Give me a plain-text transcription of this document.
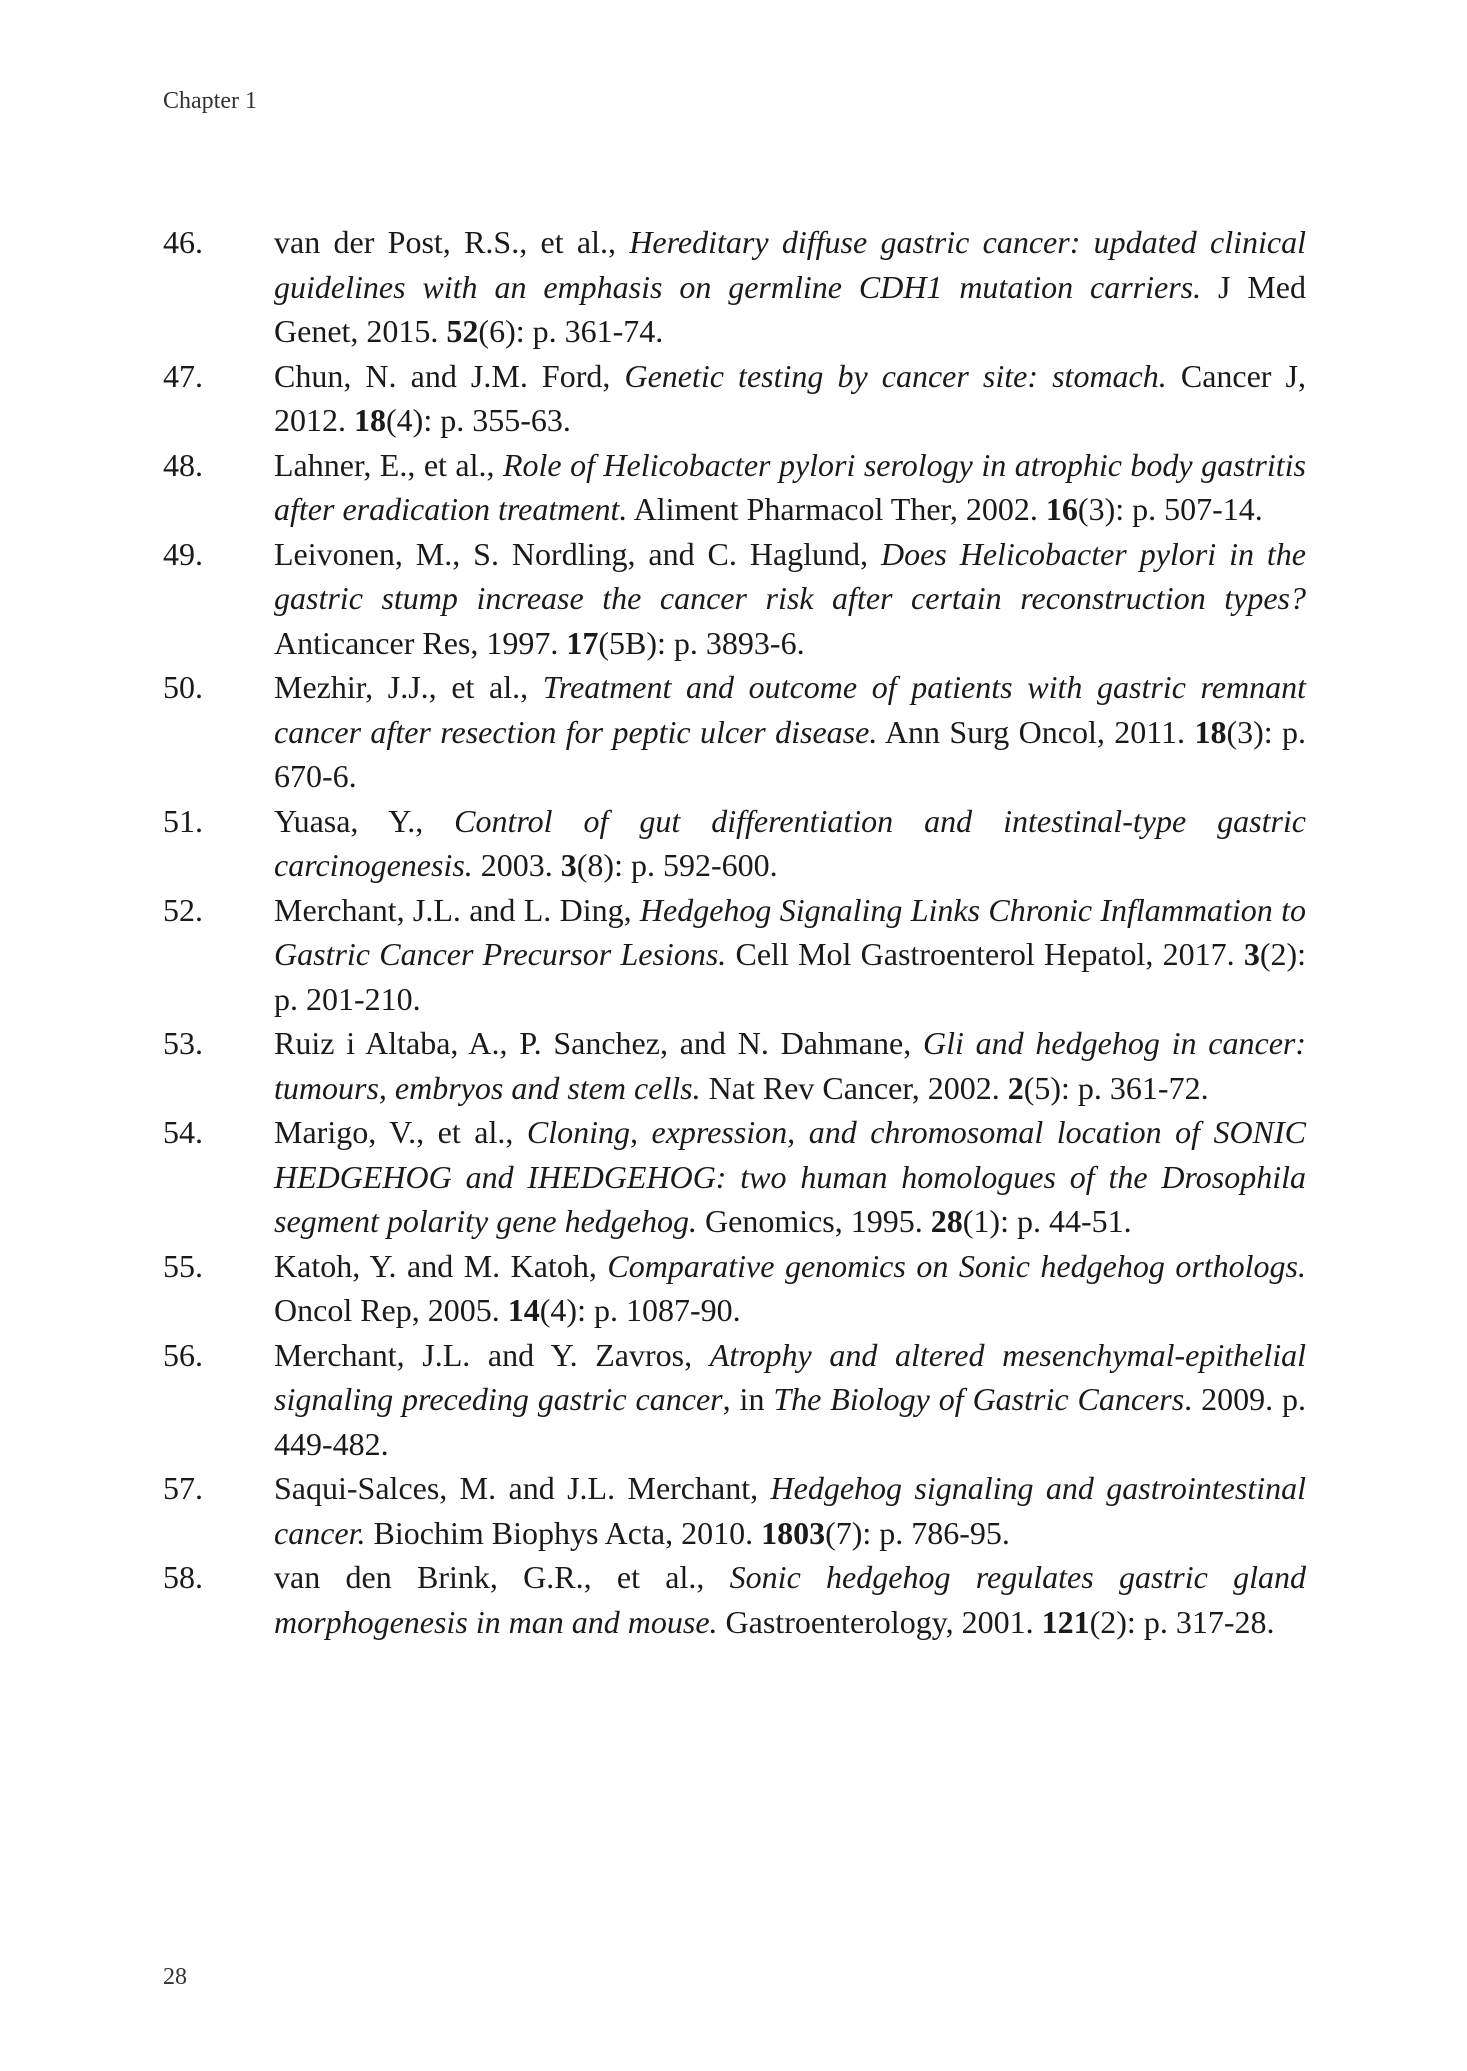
Chapter 1
46.	van der Post, R.S., et al., Hereditary diffuse gastric cancer: updated clinical guidelines with an emphasis on germline CDH1 mutation carriers. J Med Genet, 2015. 52(6): p. 361-74.
47.	Chun, N. and J.M. Ford, Genetic testing by cancer site: stomach. Cancer J, 2012. 18(4): p. 355-63.
48.	Lahner, E., et al., Role of Helicobacter pylori serology in atrophic body gastritis after eradication treatment. Aliment Pharmacol Ther, 2002. 16(3): p. 507-14.
49.	Leivonen, M., S. Nordling, and C. Haglund, Does Helicobacter pylori in the gastric stump increase the cancer risk after certain reconstruction types? Anticancer Res, 1997. 17(5B): p. 3893-6.
50.	Mezhir, J.J., et al., Treatment and outcome of patients with gastric remnant cancer after resection for peptic ulcer disease. Ann Surg Oncol, 2011. 18(3): p. 670-6.
51.	Yuasa, Y., Control of gut differentiation and intestinal-type gastric carcinogenesis. 2003. 3(8): p. 592-600.
52.	Merchant, J.L. and L. Ding, Hedgehog Signaling Links Chronic Inflammation to Gastric Cancer Precursor Lesions. Cell Mol Gastroenterol Hepatol, 2017. 3(2): p. 201-210.
53.	Ruiz i Altaba, A., P. Sanchez, and N. Dahmane, Gli and hedgehog in cancer: tumours, embryos and stem cells. Nat Rev Cancer, 2002. 2(5): p. 361-72.
54.	Marigo, V., et al., Cloning, expression, and chromosomal location of SONIC HEDGEHOG and IHEDGEHOG: two human homologues of the Drosophila segment polarity gene hedgehog. Genomics, 1995. 28(1): p. 44-51.
55.	Katoh, Y. and M. Katoh, Comparative genomics on Sonic hedgehog orthologs. Oncol Rep, 2005. 14(4): p. 1087-90.
56.	Merchant, J.L. and Y. Zavros, Atrophy and altered mesenchymal-epithelial signaling preceding gastric cancer, in The Biology of Gastric Cancers. 2009. p. 449-482.
57.	Saqui-Salces, M. and J.L. Merchant, Hedgehog signaling and gastrointestinal cancer. Biochim Biophys Acta, 2010. 1803(7): p. 786-95.
58.	van den Brink, G.R., et al., Sonic hedgehog regulates gastric gland morphogenesis in man and mouse. Gastroenterology, 2001. 121(2): p. 317-28.
28
